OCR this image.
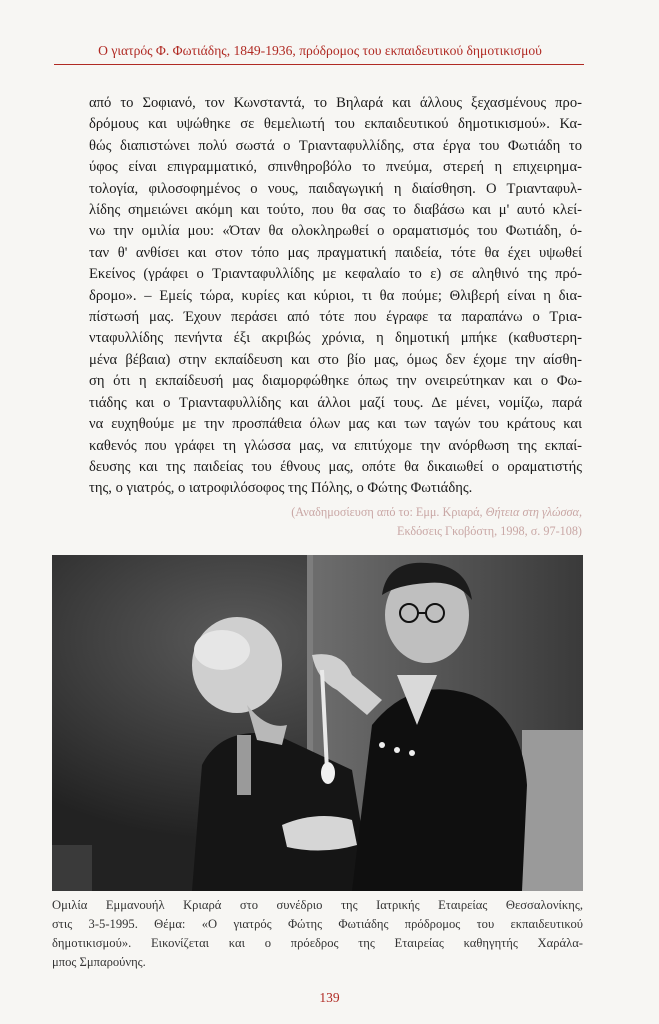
Ο γιατρός Φ. Φωτιάδης, 1849-1936, πρόδρομος του εκπαιδευτικού δημοτικισμού
από το Σοφιανό, τον Κωνσταντά, το Βηλαρά και άλλους ξεχασμένους προ-
δρόμους και υψώθηκε σε θεμελιωτή του εκπαιδευτικού δημοτικισμού». Κα-
θώς διαπιστώνει πολύ σωστά ο Τριανταφυλλίδης, στα έργα του Φωτιάδη το
ύφος είναι επιγραμματικό, σπινθηροβόλο το πνεύμα, στερεή η επιχειρημα-
τολογία, φιλοσοφημένος ο νους, παιδαγωγική η διαίσθηση. Ο Τριανταφυλ-
λίδης σημειώνει ακόμη και τούτο, που θα σας το διαβάσω και μ' αυτό κλεί-
νω την ομιλία μου: «Όταν θα ολοκληρωθεί ο οραματισμός του Φωτιάδη, ό-
ταν θ' ανθίσει και στον τόπο μας πραγματική παιδεία, τότε θα έχει υψωθεί
Εκείνος (γράφει ο Τριανταφυλλίδης με κεφαλαίο το ε) σε αληθινό της πρό-
δρομο». – Εμείς τώρα, κυρίες και κύριοι, τι θα πούμε; Θλιβερή είναι η δια-
πίστωσή μας. Έχουν περάσει από τότε που έγραφε τα παραπάνω ο Τρια-
νταφυλλίδης πενήντα έξι ακριβώς χρόνια, η δημοτική μπήκε (καθυστερη-
μένα βέβαια) στην εκπαίδευση και στο βίο μας, όμως δεν έχομε την αίσθη-
ση ότι η εκπαίδευσή μας διαμορφώθηκε όπως την ονειρεύτηκαν και ο Φω-
τιάδης και ο Τριανταφυλλίδης και άλλοι μαζί τους. Δε μένει, νομίζω, παρά
να ευχηθούμε με την προσπάθεια όλων μας και των ταγών του κράτους και
καθενός που γράφει τη γλώσσα μας, να επιτύχομε την ανόρθωση της εκπαί-
δευσης και της παιδείας του έθνους μας, οπότε θα δικαιωθεί ο οραματιστής
της, ο γιατρός, ο ιατροφιλόσοφος της Πόλης, ο Φώτης Φωτιάδης.
(Αναδημοσίευση από το: Εμμ. Κριαρά, Θήτεια στη γλώσσα,
Εκδόσεις Γκοβόστη, 1998, σ. 97-108)
Ομιλία Εμμανουήλ Κριαρά στο συνέδριο της Ιατρικής Εταιρείας Θεσσαλονίκης,
στις 3-5-1995. Θέμα: «Ο γιατρός Φώτης Φωτιάδης πρόδρομος του εκπαιδευτικού
δημοτικισμού». Εικονίζεται και ο πρόεδρος της Εταιρείας καθηγητής Χαράλα-
μπος Σμπαρούνης.
139
